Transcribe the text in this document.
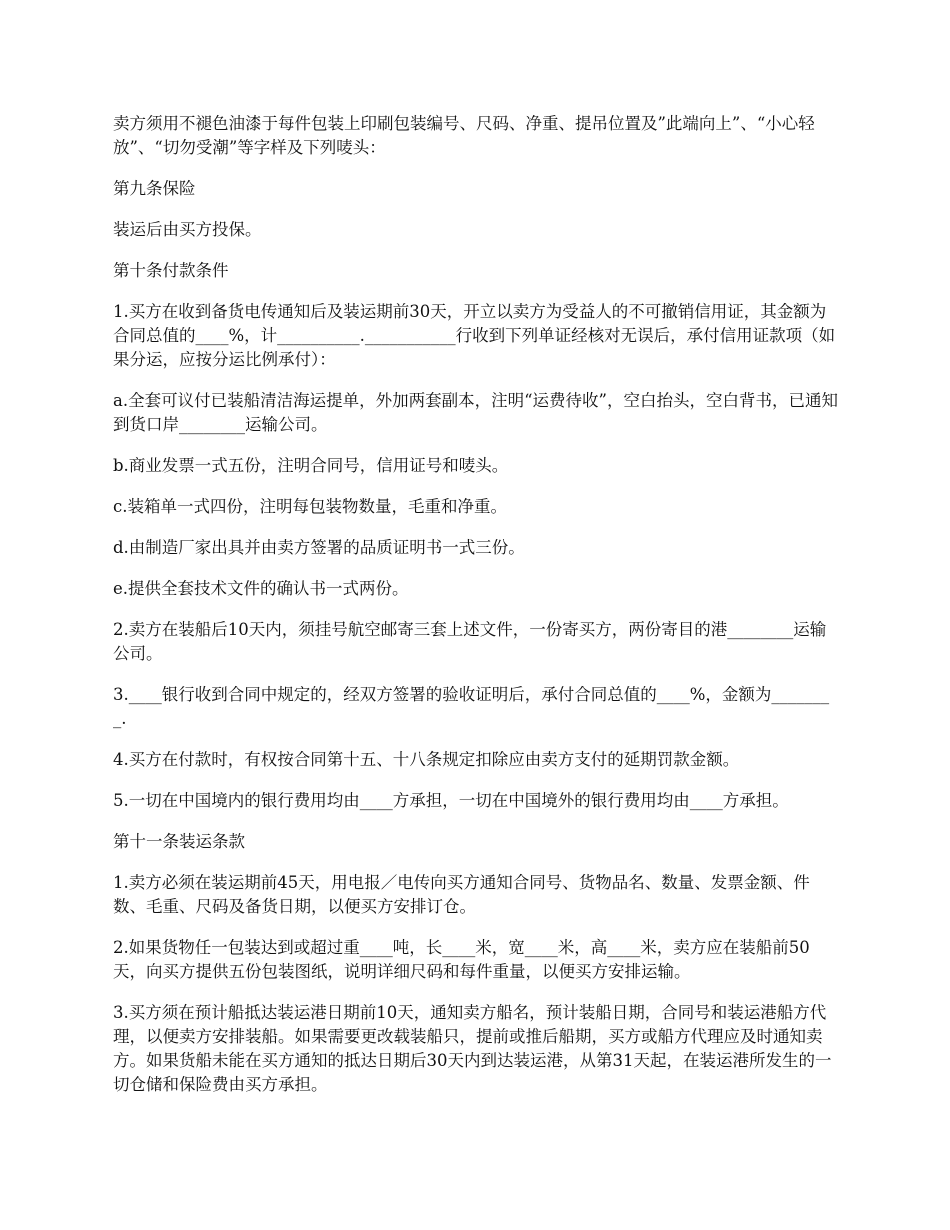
卖方须用不褪色油漆于每件包装上印刷包装编号、尺码、净重、提吊位置及”此端向上”、“小心轻放”、“切勿受潮”等字样及下列唛头：

第九条保险

装运后由买方投保。

第十条付款条件

1.买方在收到备货电传通知后及装运期前30天，开立以卖方为受益人的不可撤销信用证，其金额为合同总值的____%，计__________.___________行收到下列单证经核对无误后，承付信用证款项（如果分运，应按分运比例承付）：

a.全套可议付已装船清洁海运提单，外加两套副本，注明“运费待收”，空白抬头，空白背书，已通知到货口岸________运输公司。

b.商业发票一式五份，注明合同号，信用证号和唛头。

c.装箱单一式四份，注明每包装物数量，毛重和净重。

d.由制造厂家出具并由卖方签署的品质证明书一式三份。

e.提供全套技术文件的确认书一式两份。

2.卖方在装船后10天内，须挂号航空邮寄三套上述文件，一份寄买方，两份寄目的港________运输公司。

3.____银行收到合同中规定的，经双方签署的验收证明后，承付合同总值的____%，金额为________.

4.买方在付款时，有权按合同第十五、十八条规定扣除应由卖方支付的延期罚款金额。

5.一切在中国境内的银行费用均由____方承担，一切在中国境外的银行费用均由____方承担。

第十一条装运条款

1.卖方必须在装运期前45天，用电报／电传向买方通知合同号、货物品名、数量、发票金额、件数、毛重、尺码及备货日期，以便买方安排订仓。

2.如果货物任一包装达到或超过重____吨，长____米，宽____米，高____米，卖方应在装船前50天，向买方提供五份包装图纸，说明详细尺码和每件重量，以便买方安排运输。

3.买方须在预计船抵达装运港日期前10天，通知卖方船名，预计装船日期，合同号和装运港船方代理，以便卖方安排装船。如果需要更改载装船只，提前或推后船期，买方或船方代理应及时通知卖方。如果货船未能在买方通知的抵达日期后30天内到达装运港，从第31天起，在装运港所发生的一切仓储和保险费由买方承担。
